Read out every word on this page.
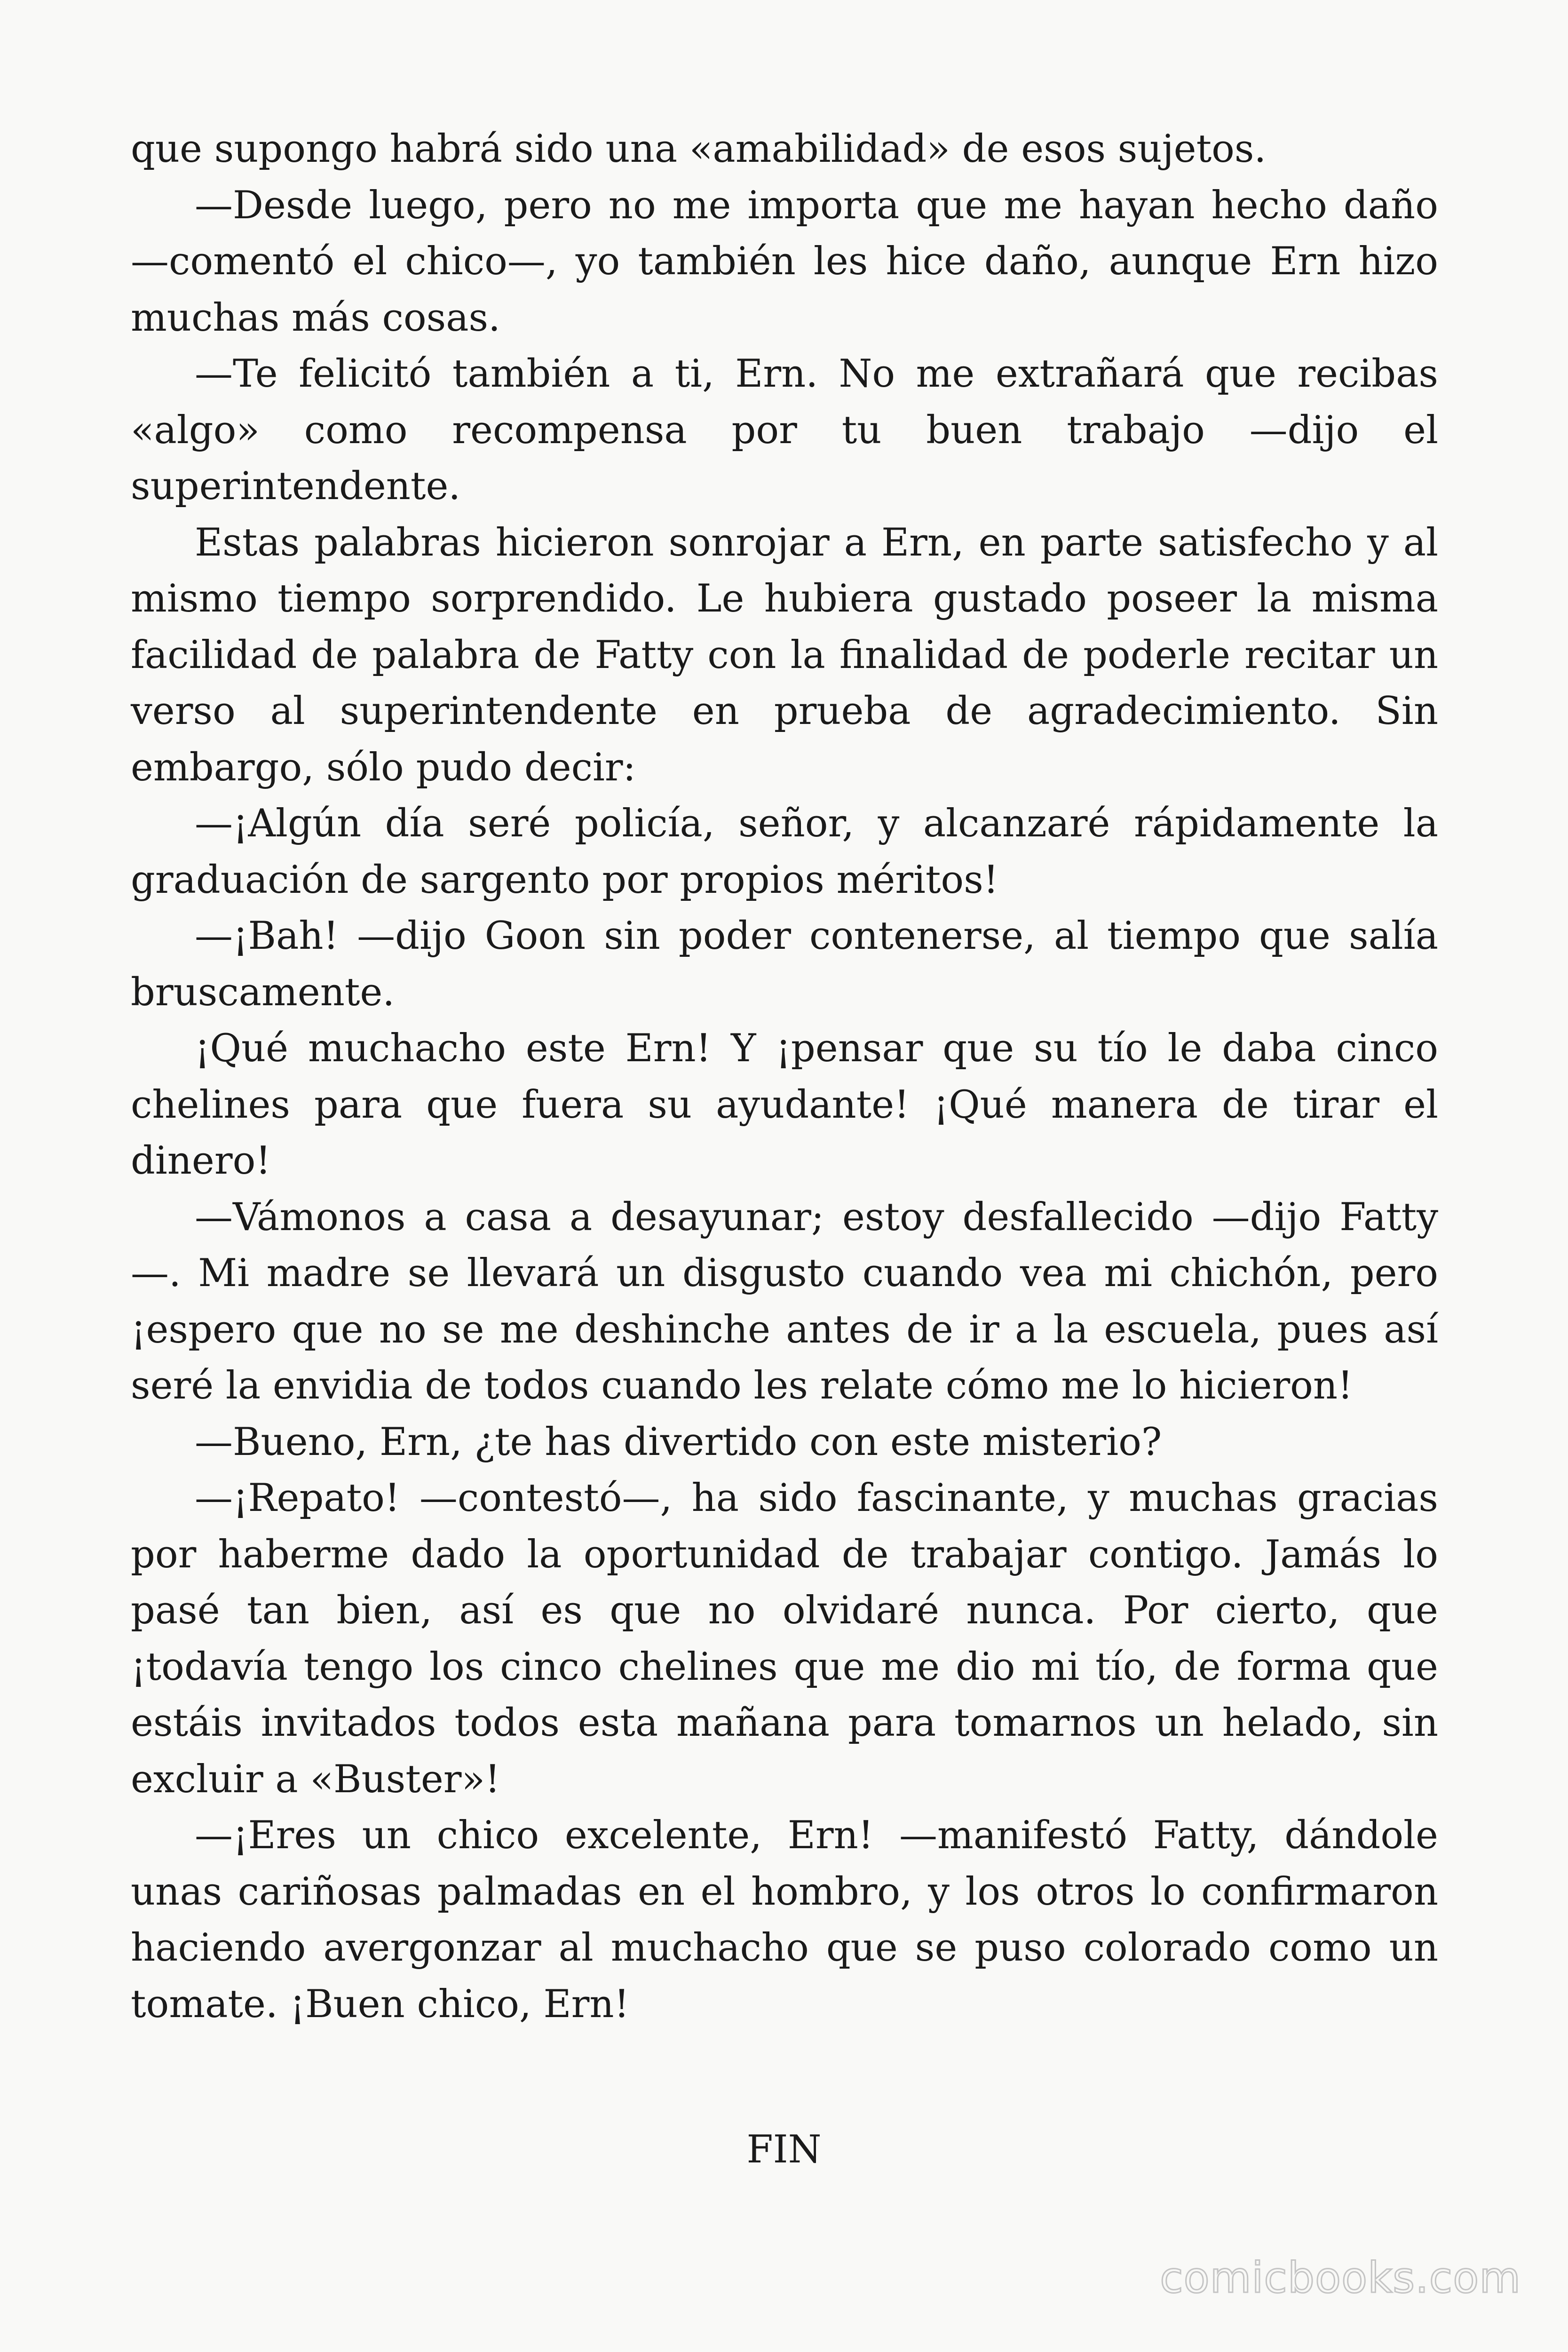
que supongo habrá sido una «amabilidad» de esos sujetos.

—Desde luego, pero no me importa que me hayan hecho daño —comentó el chico—, yo también les hice daño, aunque Ern hizo muchas más cosas.

—Te felicitó también a ti, Ern. No me extrañará que recibas «algo» como recompensa por tu buen trabajo —dijo el superintendente.

Estas palabras hicieron sonrojar a Ern, en parte satisfecho y al mismo tiempo sorprendido. Le hubiera gustado poseer la misma facilidad de palabra de Fatty con la finalidad de poderle recitar un verso al superintendente en prueba de agradecimiento. Sin embargo, sólo pudo decir:

—¡Algún día seré policía, señor, y alcanzaré rápidamente la graduación de sargento por propios méritos!

—¡Bah! —dijo Goon sin poder contenerse, al tiempo que salía bruscamente.

¡Qué muchacho este Ern! Y ¡pensar que su tío le daba cinco chelines para que fuera su ayudante! ¡Qué manera de tirar el dinero!

—Vámonos a casa a desayunar; estoy desfallecido —dijo Fatty —. Mi madre se llevará un disgusto cuando vea mi chichón, pero ¡espero que no se me deshinche antes de ir a la escuela, pues así seré la envidia de todos cuando les relate cómo me lo hicieron!

—Bueno, Ern, ¿te has divertido con este misterio?

—¡Repato! —contestó—, ha sido fascinante, y muchas gracias por haberme dado la oportunidad de trabajar contigo. Jamás lo pasé tan bien, así es que no olvidaré nunca. Por cierto, que ¡todavía tengo los cinco chelines que me dio mi tío, de forma que estáis invitados todos esta mañana para tomarnos un helado, sin excluir a «Buster»!

—¡Eres un chico excelente, Ern! —manifestó Fatty, dándole unas cariñosas palmadas en el hombro, y los otros lo confirmaron haciendo avergonzar al muchacho que se puso colorado como un tomate. ¡Buen chico, Ern!

FIN
comicbooks.com
